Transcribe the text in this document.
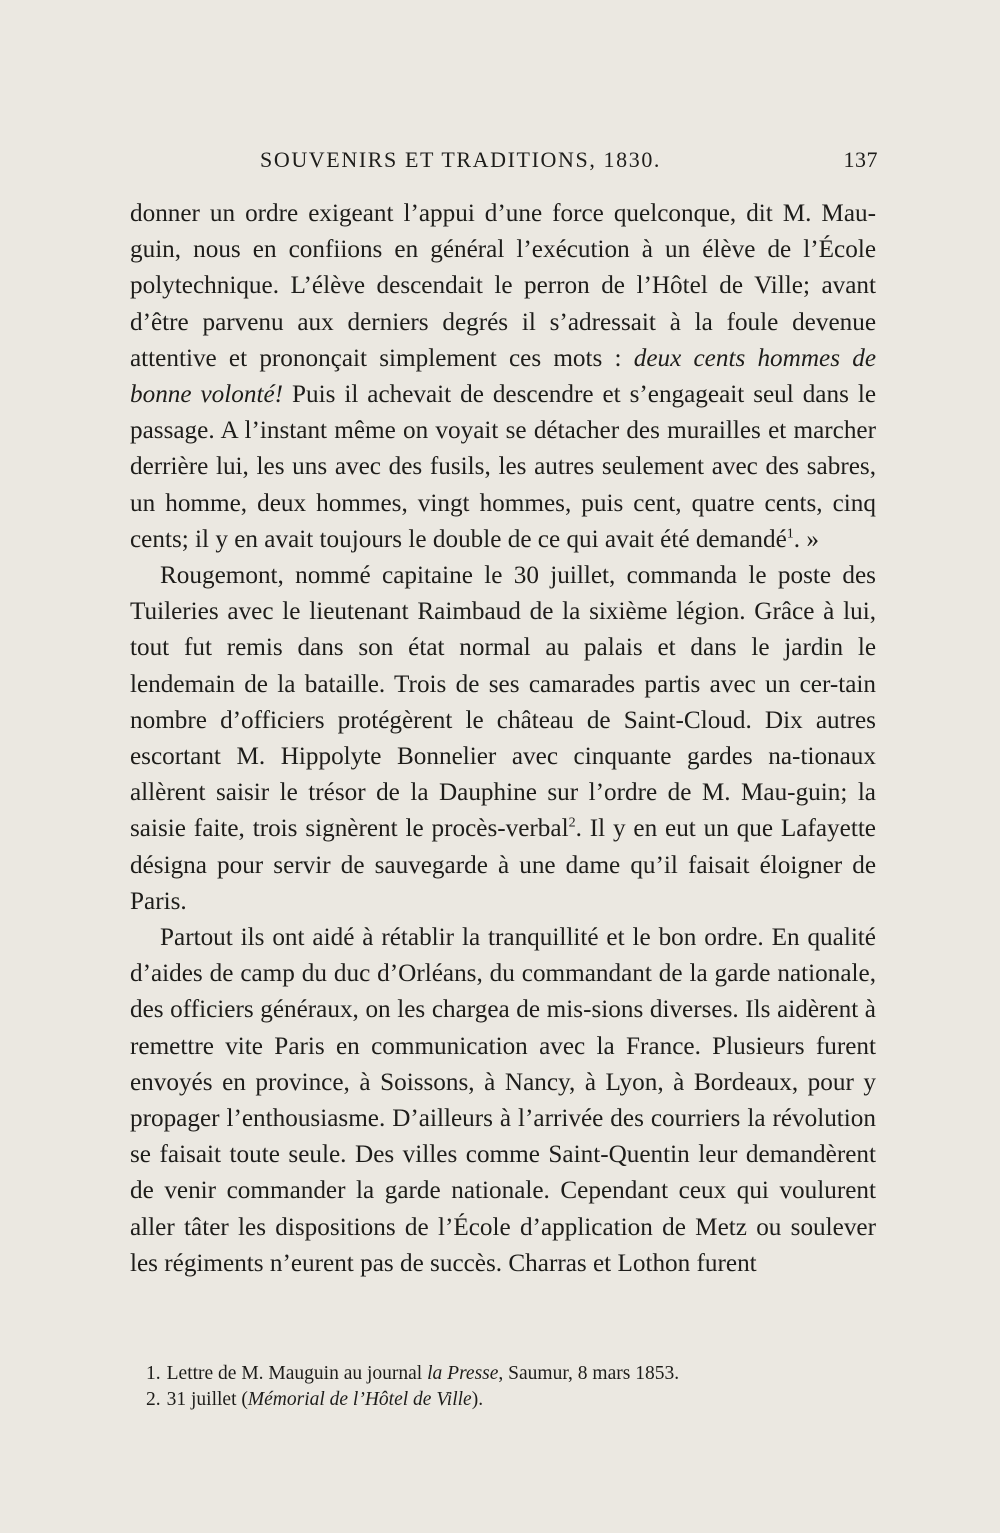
SOUVENIRS ET TRADITIONS, 1830.	137

donner un ordre exigeant l’appui d’une force quelconque, dit M. Mau-guin, nous en confiions en général l’exécution à un élève de l’École polytechnique. L’élève descendait le perron de l’Hôtel de Ville; avant d’être parvenu aux derniers degrés il s’adressait à la foule devenue attentive et prononçait simplement ces mots : deux cents hommes de bonne volonté! Puis il achevait de descendre et s’engageait seul dans le passage. A l’instant même on voyait se détacher des murailles et marcher derrière lui, les uns avec des fusils, les autres seulement avec des sabres, un homme, deux hommes, vingt hommes, puis cent, quatre cents, cinq cents; il y en avait toujours le double de ce qui avait été demandé$^1$. »

Rougemont, nommé capitaine le 30 juillet, commanda le poste des Tuileries avec le lieutenant Raimbaud de la sixième légion. Grâce à lui, tout fut remis dans son état normal au palais et dans le jardin le lendemain de la bataille. Trois de ses camarades partis avec un cer-tain nombre d’officiers protégèrent le château de Saint-Cloud. Dix autres escortant M. Hippolyte Bonnelier avec cinquante gardes na-tionaux allèrent saisir le trésor de la Dauphine sur l’ordre de M. Mau-guin; la saisie faite, trois signèrent le procès-verbal$^2$. Il y en eut un que Lafayette désigna pour servir de sauvegarde à une dame qu’il faisait éloigner de Paris.

Partout ils ont aidé à rétablir la tranquillité et le bon ordre. En qualité d’aides de camp du duc d’Orléans, du commandant de la garde nationale, des officiers généraux, on les chargea de mis-sions diverses. Ils aidèrent à remettre vite Paris en communication avec la France. Plusieurs furent envoyés en province, à Soissons, à Nancy, à Lyon, à Bordeaux, pour y propager l’enthousiasme. D’ailleurs à l’arrivée des courriers la révolution se faisait toute seule. Des villes comme Saint-Quentin leur demandèrent de venir commander la garde nationale. Cependant ceux qui voulurent aller tâter les dispositions de l’École d’application de Metz ou soulever les régiments n’eurent pas de succès. Charras et Lothon furent

1. Lettre de M. Mauguin au journal la Presse, Saumur, 8 mars 1853.
2. 31 juillet (Mémorial de l’Hôtel de Ville).
